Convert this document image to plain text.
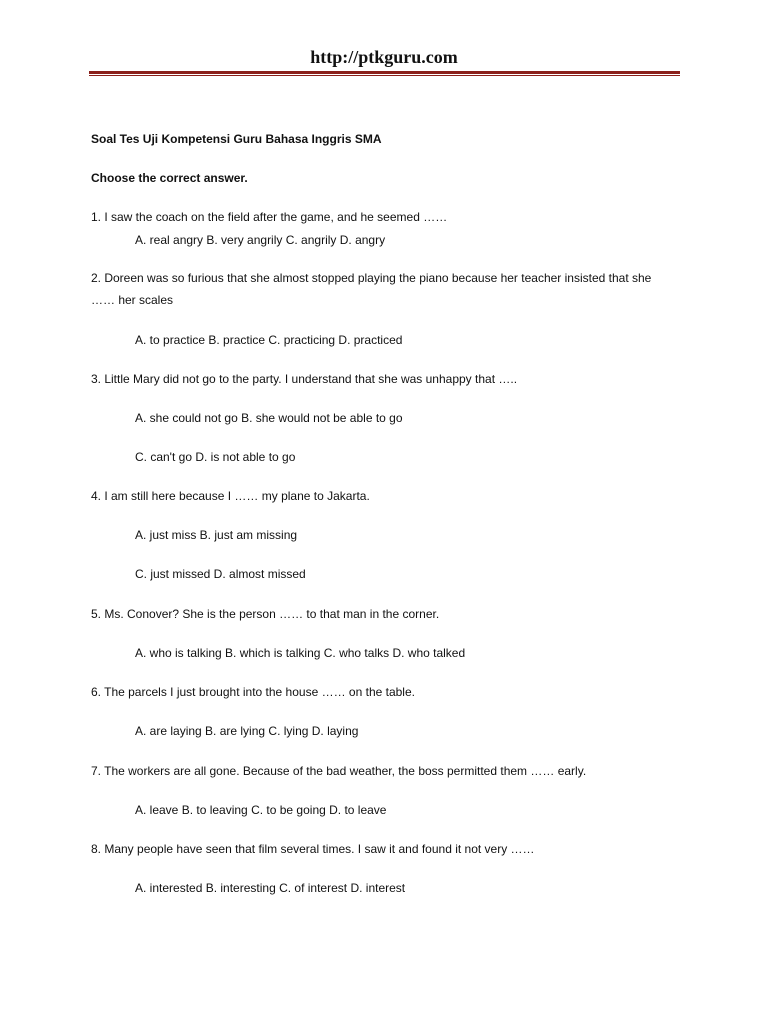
http://ptkguru.com
Soal Tes Uji Kompetensi Guru Bahasa Inggris SMA
Choose the correct answer.
1. I saw the coach on the field after the game, and he seemed ……
A. real angry B. very angrily C. angrily D. angry
2. Doreen was so furious that she almost stopped playing the piano because her teacher insisted that she
…… her scales
A. to practice B. practice C. practicing D. practiced
3. Little Mary did not go to the party. I understand that she was unhappy that …..
A. she could not go B. she would not be able to go
C. can't go D. is not able to go
4. I am still here because I …… my plane to Jakarta.
A. just miss B. just am missing
C. just missed D. almost missed
5. Ms. Conover? She is the person …… to that man in the corner.
A. who is talking B. which is talking C. who talks D. who talked
6. The parcels I just brought into the house …… on the table.
A. are laying B. are lying C. lying D. laying
7. The workers are all gone. Because of the bad weather, the boss permitted them …… early.
A. leave B. to leaving C. to be going D. to leave
8. Many people have seen that film several times. I saw it and found it not very ……
A. interested B. interesting C. of interest D. interest
